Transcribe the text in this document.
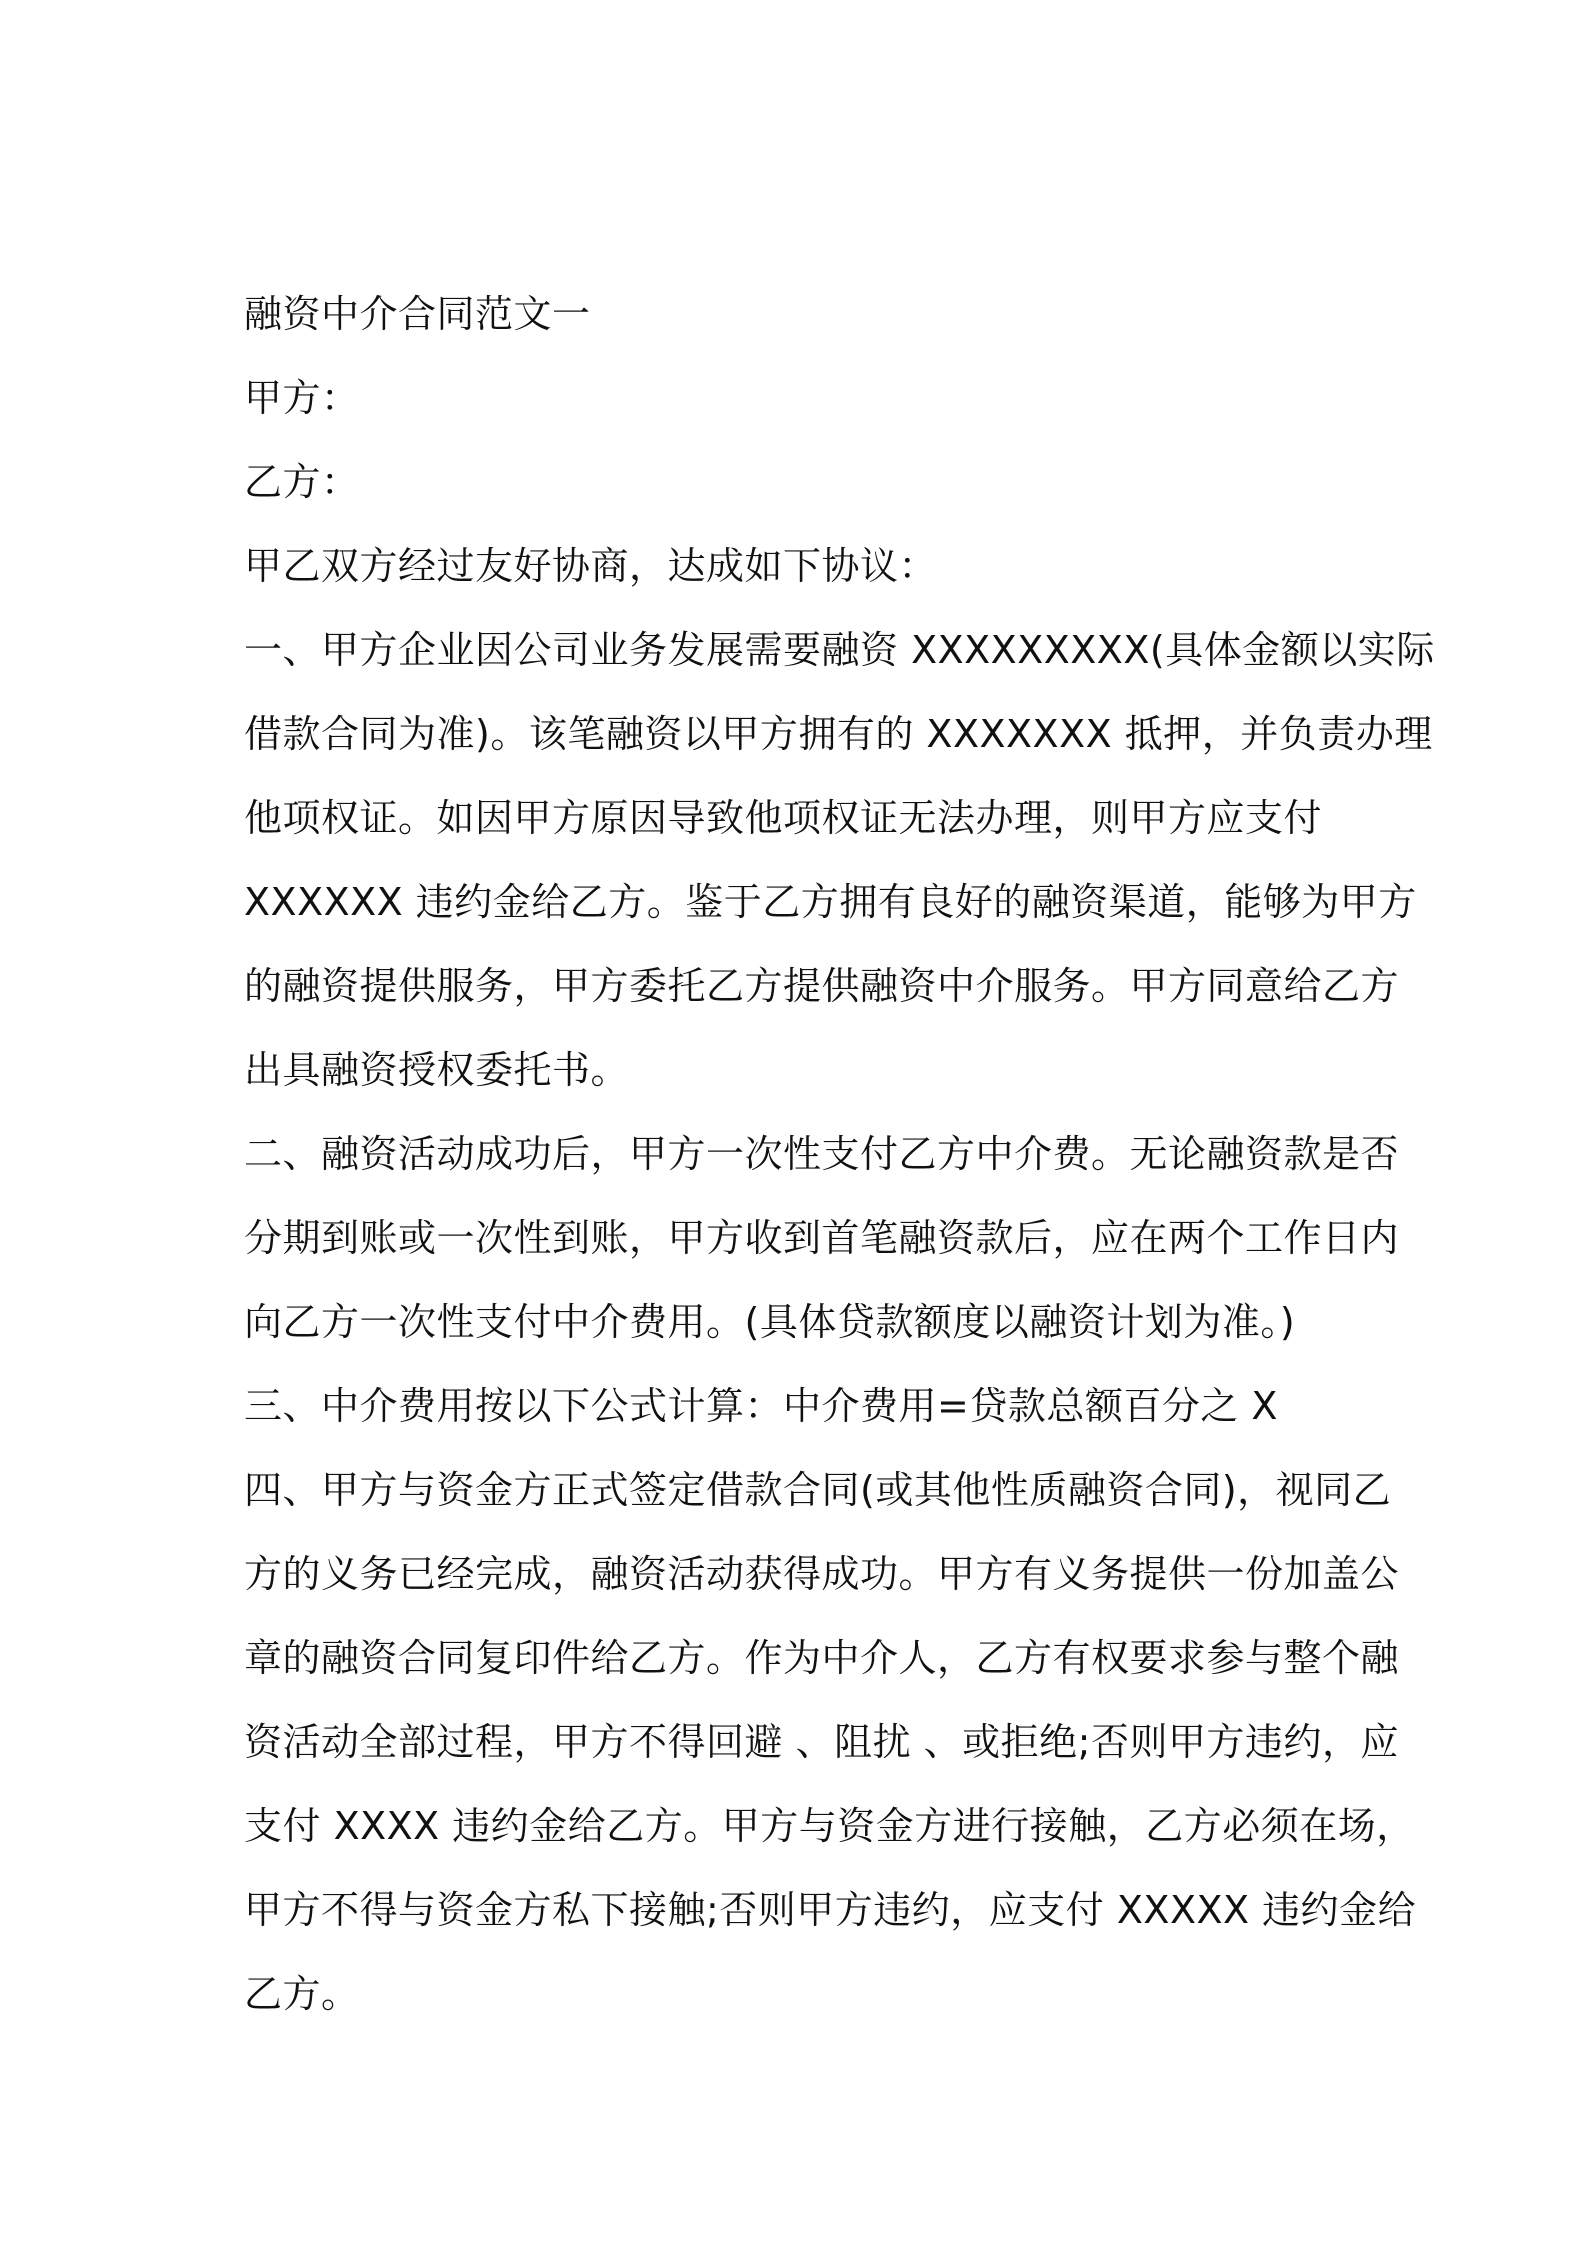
融资中介合同范文一
甲方：
乙方：
甲乙双方经过友好协商，达成如下协议：
一、甲方企业因公司业务发展需要融资 XXXXXXXXX(具体金额以实际
借款合同为准)。该笔融资以甲方拥有的 XXXXXXX 抵押，并负责办理
他项权证。如因甲方原因导致他项权证无法办理，则甲方应支付
XXXXXX 违约金给乙方。鉴于乙方拥有良好的融资渠道，能够为甲方
的融资提供服务，甲方委托乙方提供融资中介服务。甲方同意给乙方
出具融资授权委托书。
二、融资活动成功后，甲方一次性支付乙方中介费。无论融资款是否
分期到账或一次性到账，甲方收到首笔融资款后，应在两个工作日内
向乙方一次性支付中介费用。(具体贷款额度以融资计划为准。)
三、中介费用按以下公式计算：中介费用=贷款总额百分之 X
四、甲方与资金方正式签定借款合同(或其他性质融资合同)，视同乙
方的义务已经完成，融资活动获得成功。甲方有义务提供一份加盖公
章的融资合同复印件给乙方。作为中介人，乙方有权要求参与整个融
资活动全部过程，甲方不得回避 、阻扰 、或拒绝;否则甲方违约，应
支付 XXXX 违约金给乙方。甲方与资金方进行接触，乙方必须在场，
甲方不得与资金方私下接触;否则甲方违约，应支付 XXXXX 违约金给
乙方。
